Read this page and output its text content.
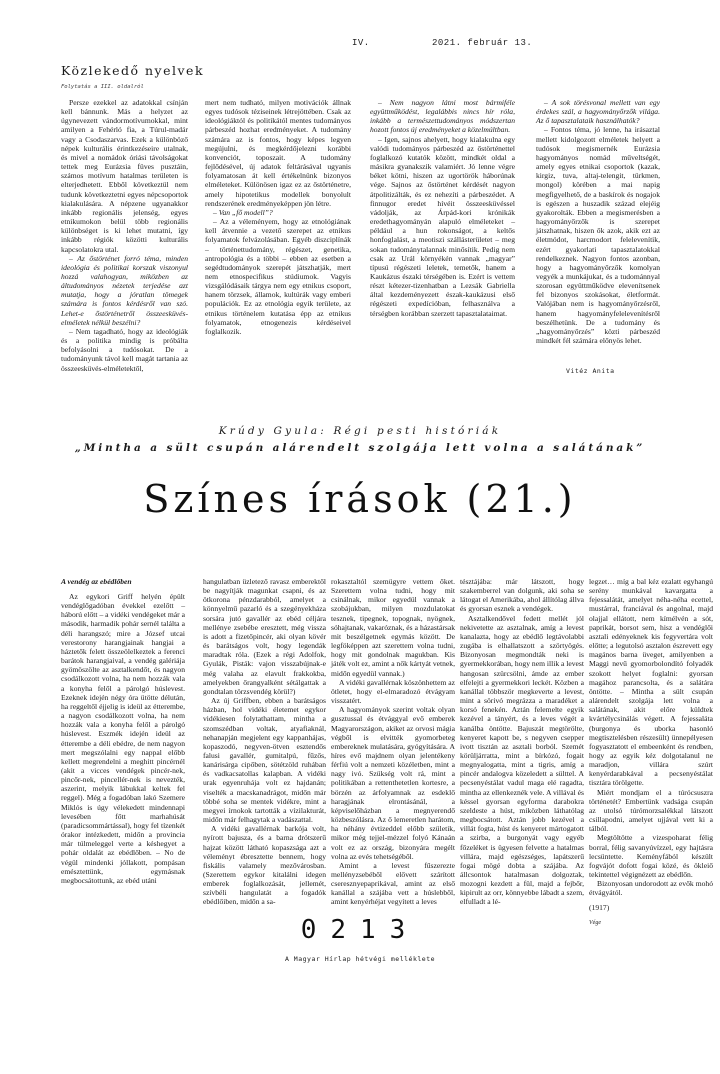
IV.	2021. február 13.
Közlekedő nyelvek
Folytatás a III. oldalról

Persze ezekkel az adatokkal csínján kell bánnunk. Más a helyzet az úgynevezett vándormotívumokkal, mint amilyen a Fehérló fia, a Túrul-madár vagy a Csodaszarvas. Ezek a különböző népek kulturális érintkezéseire utalnak, és mivel a nomádok óriási távolságokat tettek meg Eurázsia füves pusztáin, számos motívum hatalmas területen is elterjedhetett. Ebből következtül nem tudunk következtetni egyes népcsoportok kialakulására. A népzene ugyanakkor inkább regionális jelenség, egyes etnikumokon belül több regionális különbséget is ki lehet mutatni, így inkább régiók közötti kulturális kapcsolatokra utal.

– Az őstörténet forró téma, minden ideológia és politikai korszak viszonyul hozzá valahogyan, miközben az áltudományos nézetek terjedése azt mutatja, hogy a jóratlan tömegek számára is fontos kérdésről van szó. Lehet-e őstörténetről összeesküvés-elméletek nélkül beszélni?

– Nem tagadható, hogy az ideológiák és a politika mindig is próbálta befolyásolni a tudósokat. De a tudományunk távol kell magát tartania az összeesküvés-elméletektől,

mert nem tudható, milyen motivációk állnak egyes tudósok téziseinek létrejöttében. Csak az ideológiáktól és politikától mentes tudományos párbeszéd hozhat eredményeket. A tudomány számára az is fontos, hogy képes legyen megújulni, és megkérdőjelezni korábbi konvenciót, toposzait. A tudomány fejlődésével, új adatok feltárásával ugyanis folyamatosan át kell értékelnünk bizonyos elméleteket. Különösen igaz ez az őstörténetre, amely hipotetikus modellek bonyolult rendszerének eredményeképpen jön létre.

– Van „fő modell”?

– Az a véleményem, hogy az etnológiának kell átvennie a vezető szerepet az etnikus folyamatok felvázolásában. Egyéb diszciplínák – történettudomány, régészet, genetika, antropológia és a többi – ebben az esetben a segédtudományok szerepét játszhatják, mert nem etnospecifikus stúdiumok. Vagyis vizsgálódásaik tárgya nem egy etnikus csoport, hanem törzsek, államok, kultúrák vagy emberi populációk. Ez az etnológia egyik területe, az etnikus történelem kutatása épp az etnikus folyamatok, etnogenezis kérdéseivel foglalkozik.

– Nem nagyon látni most bármiféle együttműködést, legalábbis nincs hír róla, inkább a természettudományos módszertan hozott fontos új eredményeket a közelmúltban.

– Igen, sajnos ahelyett, hogy kialakulna egy valódi tudományos párbeszéd az őstörténettel foglalkozó kutatók között, mindkét oldal a másikra gyanakszik valamiért. Jó lenne végre béket kötni, hiszen az ugortörök háborúnak vége. Sajnos az őstörténet kérdését nagyon átpolitizálták, és ez nehezíti a párbeszédet. A finnugor eredet hívéit összeesküvéssel vádolják, az Árpád-kori krónikák eredethagyományán alapuló elméleteket – például a hun rokonságot, a keltős honfoglalást, a meotiszi szállásterületet – meg sokan tudománytalannak minősítik. Pedig nem csak az Urál környékén vannak „magyar” típusú régészeti leletek, temetők, hanem a Kaukázus északi térségében is. Ezért is vettem részt kétezer-tizenhatban a Lezsák Gabriella által kezdeményezett észak-kaukázusi első régészeti expedícióban, felhasználva a térségben korábban szerzett tapasztalataimat.

– A sok törésvonal mellett van egy érdekes szál, a hagyományőrzők világa. Az ő tapasztalataik használhatók?

– Fontos téma, jó lenne, ha irásaztal mellett kidolgozott elméletek helyett a tudósok megismernék Eurázsia hagyományos nomád műveltségét, amely egyes etnikai csoportok (kazak, kirgiz, tuva, altaj-telengit, türkmen, mongol) körében a mai napig megfigyelhető, de a baskírok és nogajok is egészen a huszadik század elejéig gyakorolták. Ebben a megismerésben a hagyományőrzők is szerepet játszhatnak, hiszen ők azok, akik ezt az életmódot, harcmodort felelevenítik, ezért gyakorlati tapasztalatokkal rendelkeznek. Nagyon fontos azonban, hogy a hagyományőrzők komolyan vegyék a munkájukat, és a tudománnyal szorosan együttműködve elevenítsenek fel bizonyos szokásokat, életformát. Valójában nem is hagyományőrzésről, hanem hagyományfelelevenítésről beszélhetünk. De a tudomány és „hagyományőrzés” közti párbeszéd mindkét fél számára előnyös lehet.

Vitéz Anita
Krúdy Gyula: Régi pesti históriák
„Mintha a sült csupán alárendelt szolgája lett volna a salátának”
Színes írások (21.)
A vendég az ebédlőben

Az egykori Griff helyén épült vendéglőgadóban évekkel ezelőtt – háború előtt – a vidéki vendégeket már a második, harmadik pohár sernél találta a déli harangszó; mire a József utcai verestorony harangjainak hangjai a háztetők felett összeölelkeztek a ferenci barátok harangjaival, a vendég galériája gyömöszölte az asztalkendőt, és nagyon csodálkozott volna, ha nem hozzák vala a konyha felől a párolgó húslevest. Ezeknek idején négy óra ütötte délután, ha reggeltől éjjelig is ideül az étterembe, a nagyon csodálkozott volna, ha nem hozzák vala a konyha felől a párolgó húslevest. Eszmék idején ideül az étterembe a déli ebédre, de nem nagyon mert megszólalni egy nappal előbb kellett megrendelni a meghitt pincérnél (akit a vicces vendégek pincér-nek, pincőr-nek, pincellér-nek is nevezték, aszerint, melyik lábukkal keltek fel reggel). Még a fogadóban lakó Szemere Miklós is úgy vélekedett mindennapi levesében főtt marhahúsát (paradicsommártással), hogy fel tízenkét órakor intézkedett, midőn a provincia már túlmeleggel verte a késhegyet a pohár oldalát az ebédlőben. – No de végül mindenki jóllakott, pompásan emésztettünk, egymásnak megbocsátottunk, az ebéd utáni

hangulatban üzletező ravasz emberektől be nagyítják magunkat csapni, és az ötkorona pénzdarabból, amelyet a könnyelmű pazarló és a szegényekháza sorsára jutó gavallér az ebéd céljára mellénye zsebébe eresztett, még vissza is adott a fizetőpincér, aki olyan kövér és barátságos volt, hogy legendák maradtak róla. (Ezek a régi Adolfok, Gyulák, Pisták: vajon visszabújnak-e még valaha az elavult frakkokba, amelyekben őrangyalként sétálgattak a gondtalan törzsvendég körül?)

Az új Griffben, ebben a barátságos házban, hol vidéki életemet egykor vidékiesen folytathattam, mintha a szomszédban voltak, atyafiaknál, nehanapján megjelent egy kappanhájas, kopaszodó, negyven-ötven esztendős falusi gavallér, gumitalpú, fűzős, kanárisárga cipőben, sötétzöld ruhában és vadkacsatollas kalapban. A vidéki urak egyenruhája volt ez hajdanán; viselték a macskanadrágot, midőn már többé soha se mentek vidékre, mint a megyei írnokok tartották a vízilakturát, midőn már felhagytak a vadászattal.

A vidéki gavallérnak barkója volt, nyírott bajusza, és a barna drótszerű hajzat között látható kopaszsága azt a véleményt ébresztette bennem, hogy fiskális valamely mezővárosban. (Szerettem egykor kitalálni idegen emberek foglalkozását, jellemét, szívbéli hangulatát a fogadók ebédlőiben, midőn a sa-

rokasztaltól szemügyre vettem őket. Szerettem volna tudni, hogy mit csinálnak, mikor egyedül vannak a szobájukban, milyen mozdulatokat tesznek, tipegnek, topognak, nyögnek, sóhajtanak, vakaróznak, és a házastársak mit beszélgetnek egymás között. De legföképpen azt szerettem volna tudni, hogy mit gondolnak magukban. Kis játék volt ez, amint a nők kártyát vetnek, midőn egyedül vannak.)

A vidéki gavallérnak köszönhettem az ötletet, hogy el-elmaradozó étvágyam visszatért.

A hagyományok szerint voltak olyan gusztussal és étvággyal evő emberek Magyarországon, akiket az orvosi mágia végből is elvitték gyomorbeteg embereknek mulatására, gyógyítására. A híres evő majdnem olyan jelentékeny férfiú volt a nemzeti közéletben, mint a nagy ivó. Szükség volt rá, mint a politikában a rettenthetetlen kortesre, a börzén az árfolyamnak az esdeklő haragjának elrontásánál, a képviselőházban a megnyerendő közbeszólásra. Az ő lemeretlen harátom, ha néhány évtizeddel előbb születik, mikor még tejjel-mézzel folyó Kánaán volt ez az ország, bizonyára megélt volna az evés tehetségéből.

Amint a levest fűszerezte mellényzsebéből elővett szárított cseresznyepaprikával, amint az első kanállal a szájába vett a húslebből, amint kenyérhéjat vegyített a leves

tésztájába: már látszott, hogy szakemberrel van dolgunk, aki soha se látogat el Amerikába, ahol állítólag állva és gyorsan esznek a vendégek.

Asztalkendővel fedett mellét jól nekivetette az asztalnak, amíg a levest kanalazta, hogy az ebédlő legtávolabbi zugába is elhallatszott a szörtyögés. Bizonyosan megmondták neki is gyermekkorában, hogy nem illik a levest hangosan szürcsölni, ámde az ember elfelejti a gyermekkori leckét. Közben a kanállal többször megkeverte a levest, mint a sörivó megrázza a maradéket a korsó fenekén. Aztán felemelte egyik kezével a tányért, és a leves végét a kanálba öntötte. Bajuszát megtörölte, kenyeret kapott be, s negyven csepper ivott tisztán az asztali borból. Szemét körüljárratta, mint a bírkózó, fogait megnyalogatta, mint a tigris, amíg a pincér andalogva közeledett a sülttel. A pecsenyéstálat vadul maga elé ragadta, mintha az ellenkeznék vele. A villával és késsel gyorsan egyforma darabokra szeldeste a húst, miközben láthatólag megbocsátott. Aztán jobb kezével a villát fogta, húst és kenyeret mártogatott a szirba, a burgonyát vagy egyéb főzeléket is ügyesen felvette a hatalmas villára, majd egészséges, lapátszerű fogai mögé dobta a szájába. Az állcsontok hatalmasan dolgoztak, mozogni kezdett a fül, majd a fejbőr, kipirult az orr, könnyebbe lábadt a szem, elfulladt a lé-

legzet… míg a bal kéz ezalatt egyhangú serény munkával kavargatta a fejessalátát, amelyet néha-néha ecettel, mustárral, franciával és angolnal, majd olajjal ellátott, nem kímélvén a sót, paprikát, borsot sem, hisz a vendéglői asztali edényeknek kis fegyvertára volt előtte; a legutolsó asztalon észrevett egy magános barna üveget, amilyenben a Maggi nevű gyomorbolondító folyadék szokott helyet foglalni: gyorsan magához parancsolta, és a salátára öntötte. – Mintha a sült csupán alárendelt szolgája lett volna a salátának, akit előre küldtek kvártélycsinálás végett. A fejessaláta (burgonya és uborka hasonló megtisztelésben részesült) ünnepélyesen fogyasztatott el embeenként és rendben, hogy az egyik kéz dolgotalanul ne maradjon, villára szúrt kenyérdarabkával a pecsenyéstálat tisztára törölgette.

Miért mondjam el a túrócsuszra történetét? Embertünk vadsága csupán az utolsó túrómorzsalékkal látszott csillapodni, amelyet ujjával vett ki a tálból.

Megtöltötte a vizespoharat félig borral, félig savanyúvízzel, egy hajtásra lecsüntette. Keményfából készült fogvájót dofott fogai közé, és ökleiő tekintettel végignézett az ebédlőn.

Bizonyosan undorodott az evők mohó étvágyától.

(1917)

Vége

0213
A Magyar Hírlap hétvégi melléklete
